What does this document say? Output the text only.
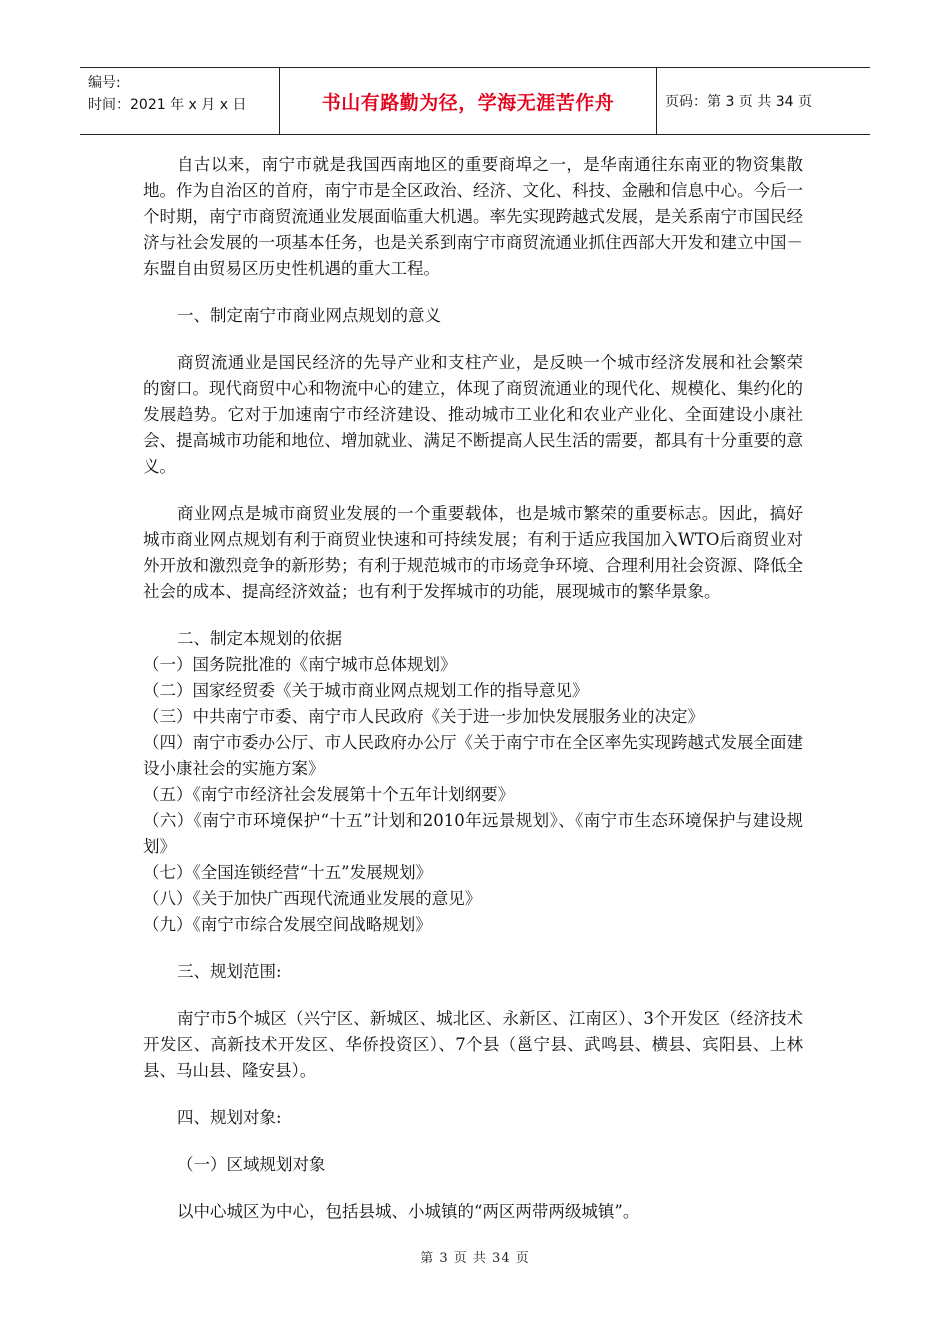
编号:
时间：2021 年 x 月 x 日	书山有路勤为径，学海无涯苦作舟	页码：第 3 页 共 34 页

自古以来，南宁市就是我国西南地区的重要商埠之一，是华南通往东南亚的物资集散地。作为自治区的首府，南宁市是全区政治、经济、文化、科技、金融和信息中心。今后一个时期，南宁市商贸流通业发展面临重大机遇。率先实现跨越式发展，是关系南宁市国民经济与社会发展的一项基本任务，也是关系到南宁市商贸流通业抓住西部大开发和建立中国－东盟自由贸易区历史性机遇的重大工程。

一、制定南宁市商业网点规划的意义

商贸流通业是国民经济的先导产业和支柱产业，是反映一个城市经济发展和社会繁荣的窗口。现代商贸中心和物流中心的建立，体现了商贸流通业的现代化、规模化、集约化的发展趋势。它对于加速南宁市经济建设、推动城市工业化和农业产业化、全面建设小康社会、提高城市功能和地位、增加就业、满足不断提高人民生活的需要，都具有十分重要的意义。

商业网点是城市商贸业发展的一个重要载体，也是城市繁荣的重要标志。因此，搞好城市商业网点规划有利于商贸业快速和可持续发展；有利于适应我国加入WTO后商贸业对外开放和激烈竞争的新形势；有利于规范城市的市场竞争环境、合理利用社会资源、降低全社会的成本、提高经济效益；也有利于发挥城市的功能，展现城市的繁华景象。

二、制定本规划的依据

（一）国务院批准的《南宁城市总体规划》

（二）国家经贸委《关于城市商业网点规划工作的指导意见》

（三）中共南宁市委、南宁市人民政府《关于进一步加快发展服务业的决定》

（四）南宁市委办公厅、市人民政府办公厅《关于南宁市在全区率先实现跨越式发展全面建设小康社会的实施方案》

（五）《南宁市经济社会发展第十个五年计划纲要》

（六）《南宁市环境保护“十五”计划和2010年远景规划》、《南宁市生态环境保护与建设规划》

（七）《全国连锁经营“十五”发展规划》

（八）《关于加快广西现代流通业发展的意见》

（九）《南宁市综合发展空间战略规划》

三、规划范围:

南宁市5个城区（兴宁区、新城区、城北区、永新区、江南区）、3个开发区（经济技术开发区、高新技术开发区、华侨投资区）、7个县（邕宁县、武鸣县、横县、宾阳县、上林县、马山县、隆安县）。

四、规划对象:

（一）区域规划对象

以中心城区为中心，包括县城、小城镇的“两区两带两级城镇”。

第 3 页 共 34 页
